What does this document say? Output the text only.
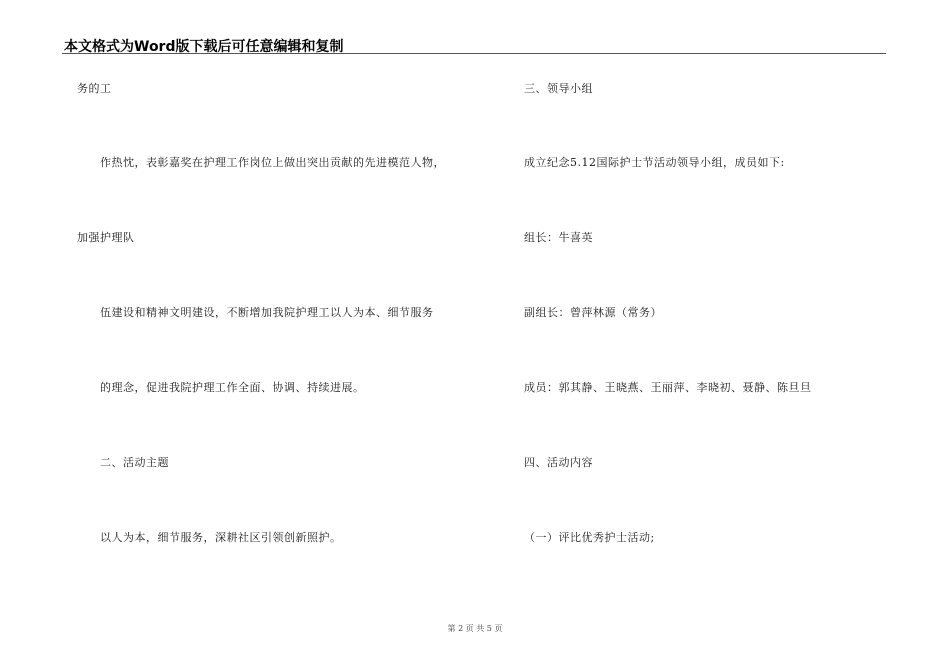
本文格式为Word版下载后可任意编辑和复制
务的工
作热忱，表彰嘉奖在护理工作岗位上做出突出贡献的先进模范人物，
加强护理队
伍建设和精神文明建设，不断增加我院护理工以人为本、细节服务
的理念，促进我院护理工作全面、协调、持续进展。
二、活动主题
以人为本，细节服务，深耕社区引领创新照护。
三、领导小组
成立纪念5.12国际护士节活动领导小组，成员如下:
组长：牛喜英
副组长：曾萍林源（常务）
成员：郭其静、王晓燕、王丽萍、李晓初、聂静、陈旦旦
四、活动内容
（一）评比优秀护士活动;
第 2 页 共 5 页
